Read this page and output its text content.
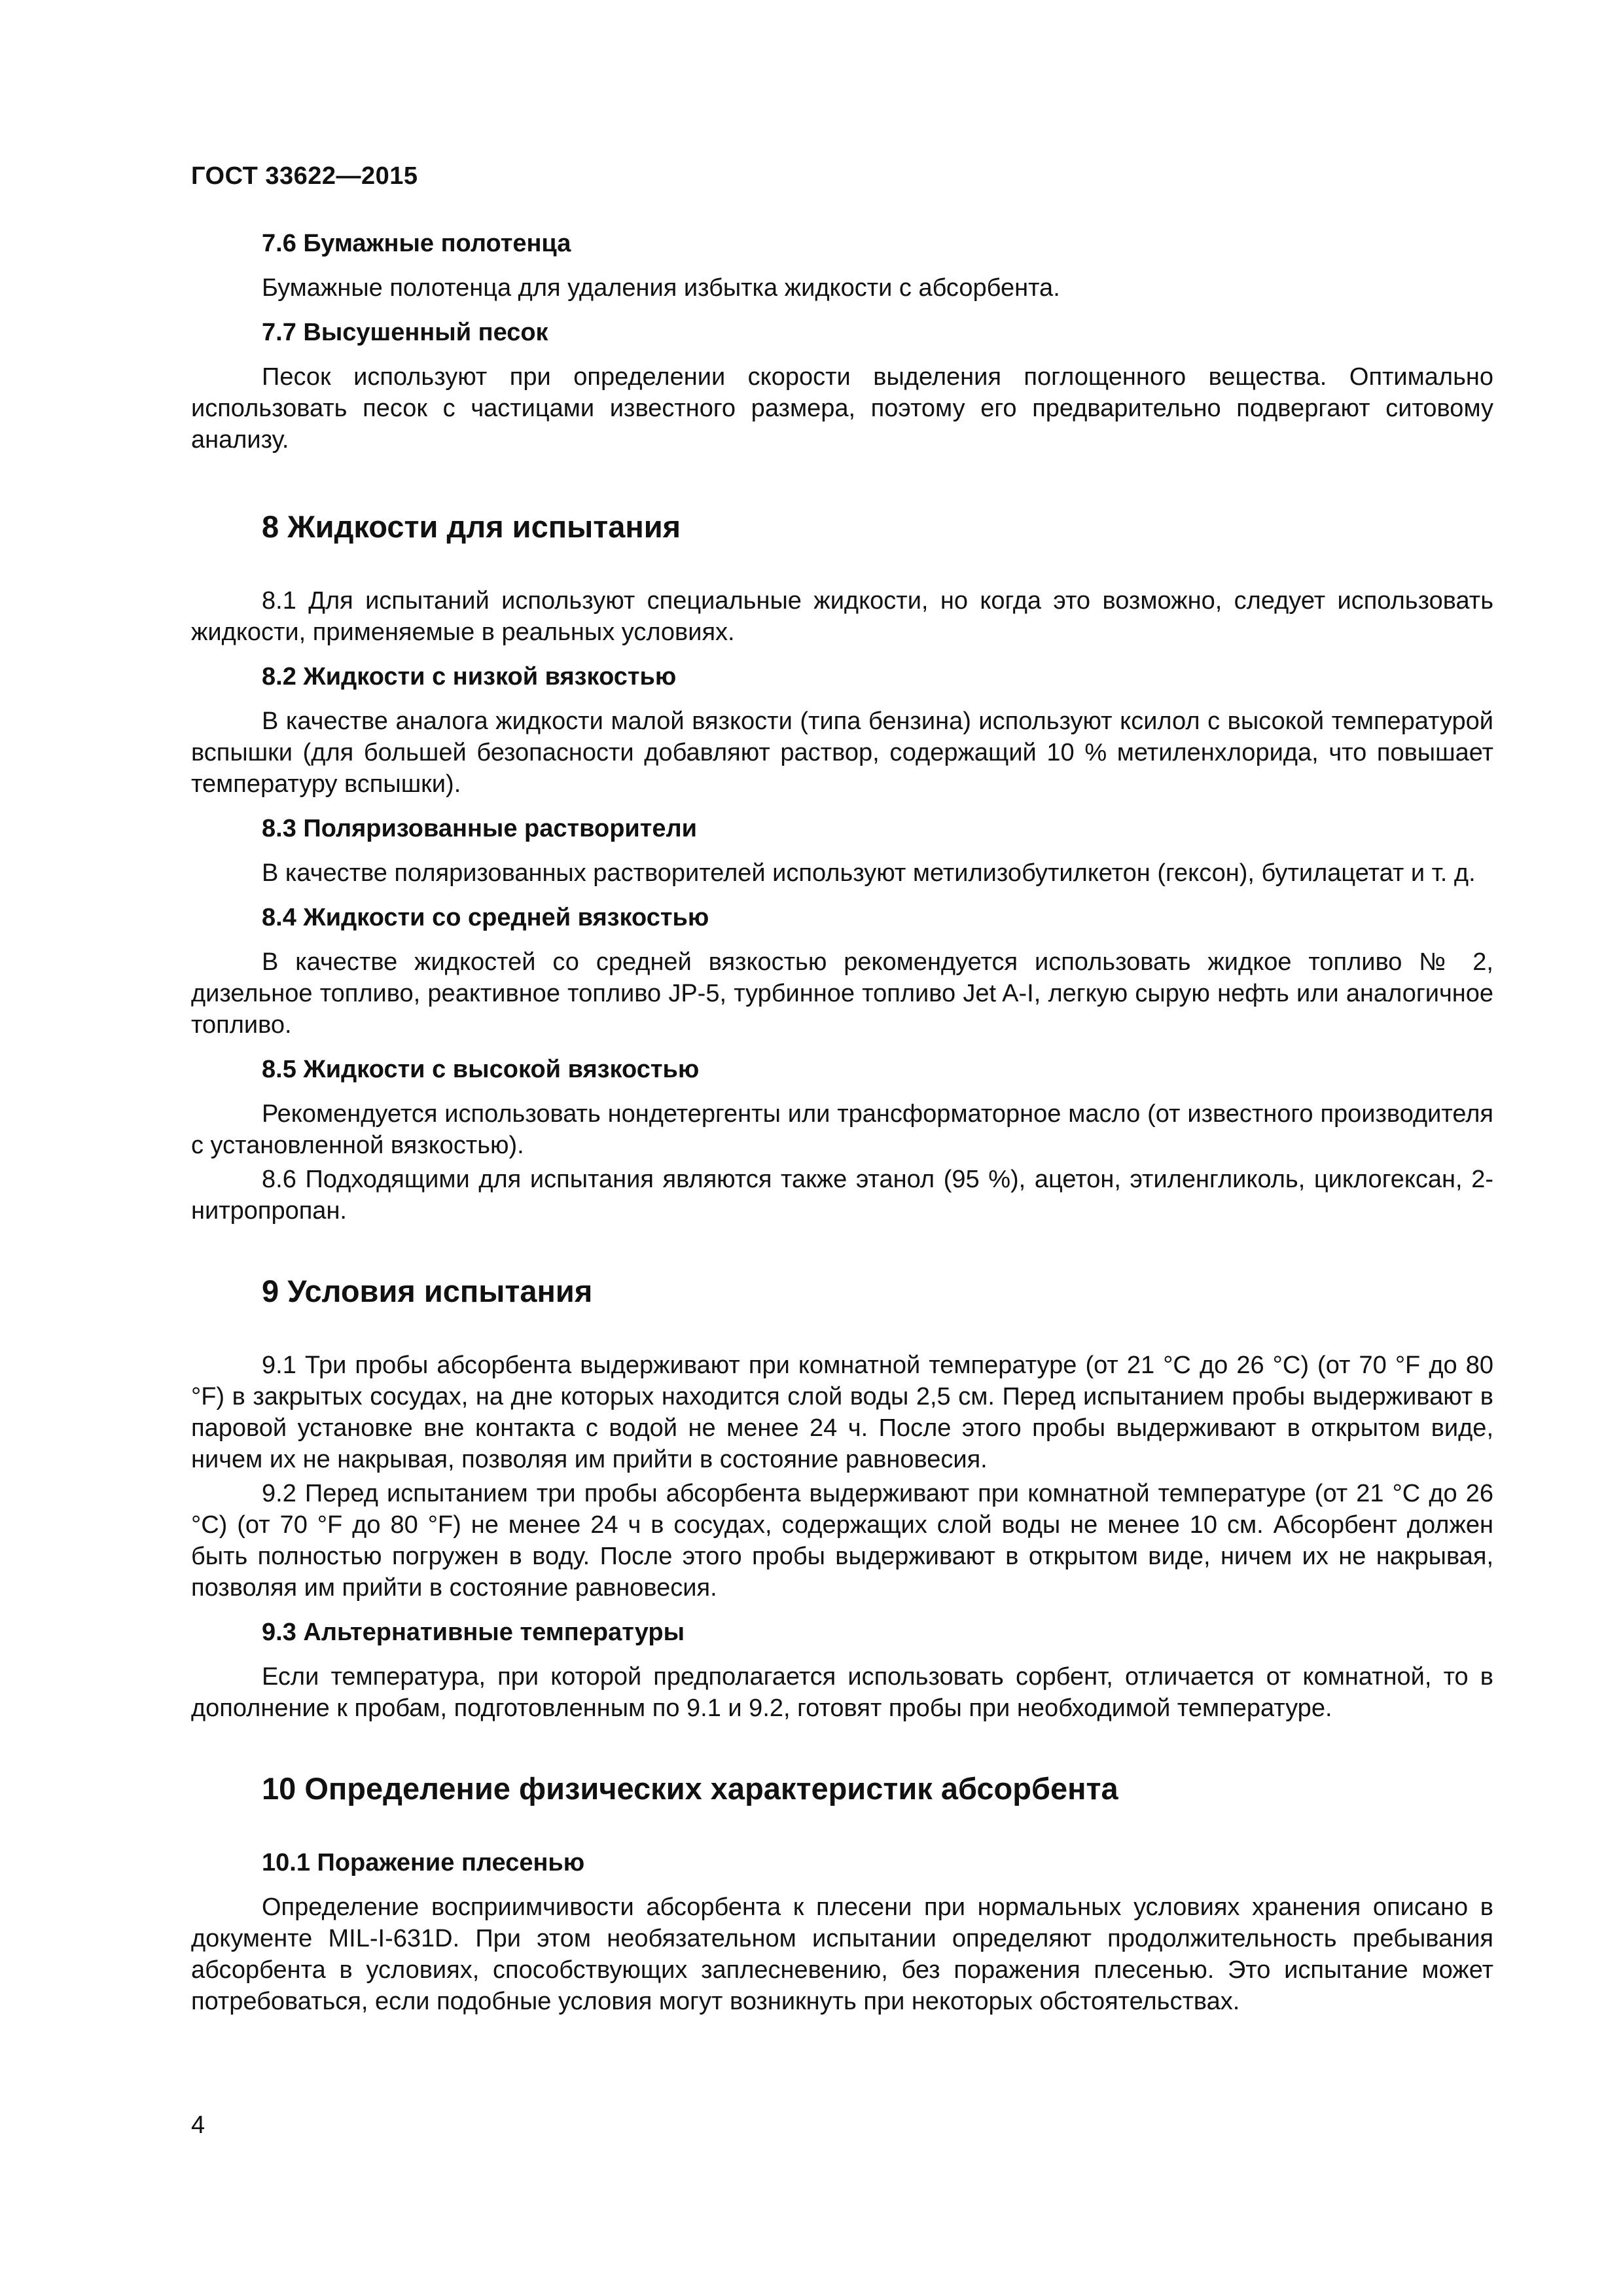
ГОСТ 33622—2015
7.6 Бумажные полотенца

Бумажные полотенца для удаления избытка жидкости с абсорбента.

7.7 Высушенный песок

Песок используют при определении скорости выделения поглощенного вещества. Оптимально использовать песок с частицами известного размера, поэтому его предварительно подвергают ситовому анализу.

8 Жидкости для испытания

8.1 Для испытаний используют специальные жидкости, но когда это возможно, следует использовать жидкости, применяемые в реальных условиях.

8.2 Жидкости с низкой вязкостью

В качестве аналога жидкости малой вязкости (типа бензина) используют ксилол с высокой температурой вспышки (для большей безопасности добавляют раствор, содержащий 10 % метиленхлорида, что повышает температуру вспышки).

8.3 Поляризованные растворители

В качестве поляризованных растворителей используют метилизобутилкетон (гексон), бутилацетат и т. д.

8.4 Жидкости со средней вязкостью

В качестве жидкостей со средней вязкостью рекомендуется использовать жидкое топливо № 2, дизельное топливо, реактивное топливо JP-5, турбинное топливо Jet A-I, легкую сырую нефть или аналогичное топливо.

8.5 Жидкости с высокой вязкостью

Рекомендуется использовать нондетергенты или трансформаторное масло (от известного производителя с установленной вязкостью).

8.6 Подходящими для испытания являются также этанол (95 %), ацетон, этиленгликоль, циклогексан, 2-нитропропан.

9 Условия испытания

9.1 Три пробы абсорбента выдерживают при комнатной температуре (от 21 °С до 26 °С) (от 70 °F до 80 °F) в закрытых сосудах, на дне которых находится слой воды 2,5 см. Перед испытанием пробы выдерживают в паровой установке вне контакта с водой не менее 24 ч. После этого пробы выдерживают в открытом виде, ничем их не накрывая, позволяя им прийти в состояние равновесия.

9.2 Перед испытанием три пробы абсорбента выдерживают при комнатной температуре (от 21 °С до 26 °С) (от 70 °F до 80 °F) не менее 24 ч в сосудах, содержащих слой воды не менее 10 см. Абсорбент должен быть полностью погружен в воду. После этого пробы выдерживают в открытом виде, ничем их не накрывая, позволяя им прийти в состояние равновесия.

9.3 Альтернативные температуры

Если температура, при которой предполагается использовать сорбент, отличается от комнатной, то в дополнение к пробам, подготовленным по 9.1 и 9.2, готовят пробы при необходимой температуре.

10 Определение физических характеристик абсорбента
10.1 Поражение плесенью

Определение восприимчивости абсорбента к плесени при нормальных условиях хранения описано в документе MIL-I-631D. При этом необязательном испытании определяют продолжительность пребывания абсорбента в условиях, способствующих заплесневению, без поражения плесенью. Это испытание может потребоваться, если подобные условия могут возникнуть при некоторых обстоятельствах.

4
